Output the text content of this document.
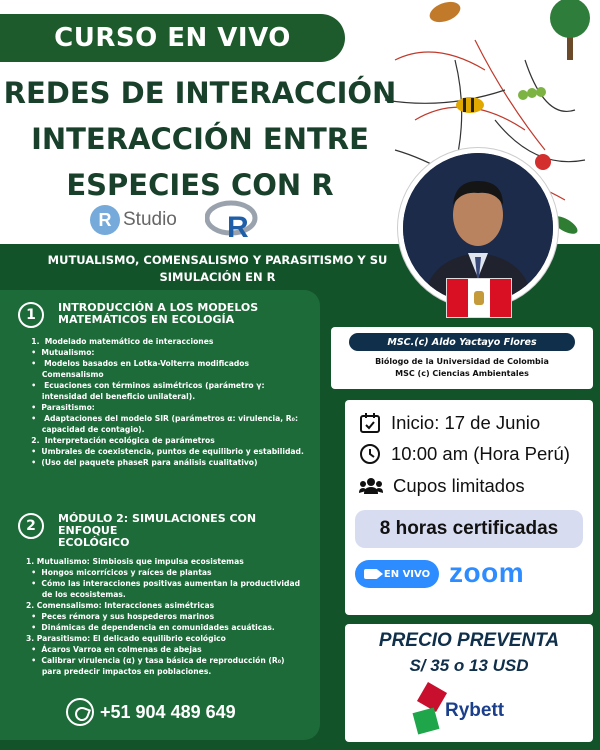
CURSO EN VIVO
REDES DE INTERACCIÓN
INTERACCIÓN ENTRE
ESPECIES CON R
R Studio R
MUTUALISMO, COMENSALISMO Y PARASITISMO Y SU
SIMULACIÓN EN R
1	INTRODUCCIÓN A LOS MODELOS
MATEMÁTICOS EN ECOLOGÍA
1.  Modelado matemático de interacciones
•  Mutualismo:
•   Modelos basados en Lotka-Volterra modificados
Comensalismo
•   Ecuaciones con términos asimétricos (parámetro γ:
intensidad del beneficio unilateral).
•  Parasitismo:
•   Adaptaciones del modelo SIR (parámetros α: virulencia, R₀:
capacidad de contagio).
2.  Interpretación ecológica de parámetros
•  Umbrales de coexistencia, puntos de equilibrio y estabilidad.
•  (Uso del paquete phaseR para análisis cualitativo)
2	MÓDULO 2: SIMULACIONES CON ENFOQUE
ECOLÓGICO
1. Mutualismo: Simbiosis que impulsa ecosistemas
•  Hongos micorrícicos y raíces de plantas
•  Cómo las interacciones positivas aumentan la productividad
de los ecosistemas.
2. Comensalismo: Interacciones asimétricas
•  Peces rémora y sus hospederos marinos
•  Dinámicas de dependencia en comunidades acuáticas.
3. Parasitismo: El delicado equilibrio ecológico
•  Ácaros Varroa en colmenas de abejas
•  Calibrar virulencia (α) y tasa básica de reproducción (R₀)
para predecir impactos en poblaciones.
+51 904 489 649
MSC.(c) Aldo Yactayo Flores
Biólogo de la Universidad de Colombia
MSC (c) Ciencias Ambientales
Inicio: 17 de Junio
10:00 am (Hora Perú)
Cupos limitados
8 horas certificadas
EN VIVO zoom
PRECIO PREVENTA
S/ 35 o 13 USD
Rybett
